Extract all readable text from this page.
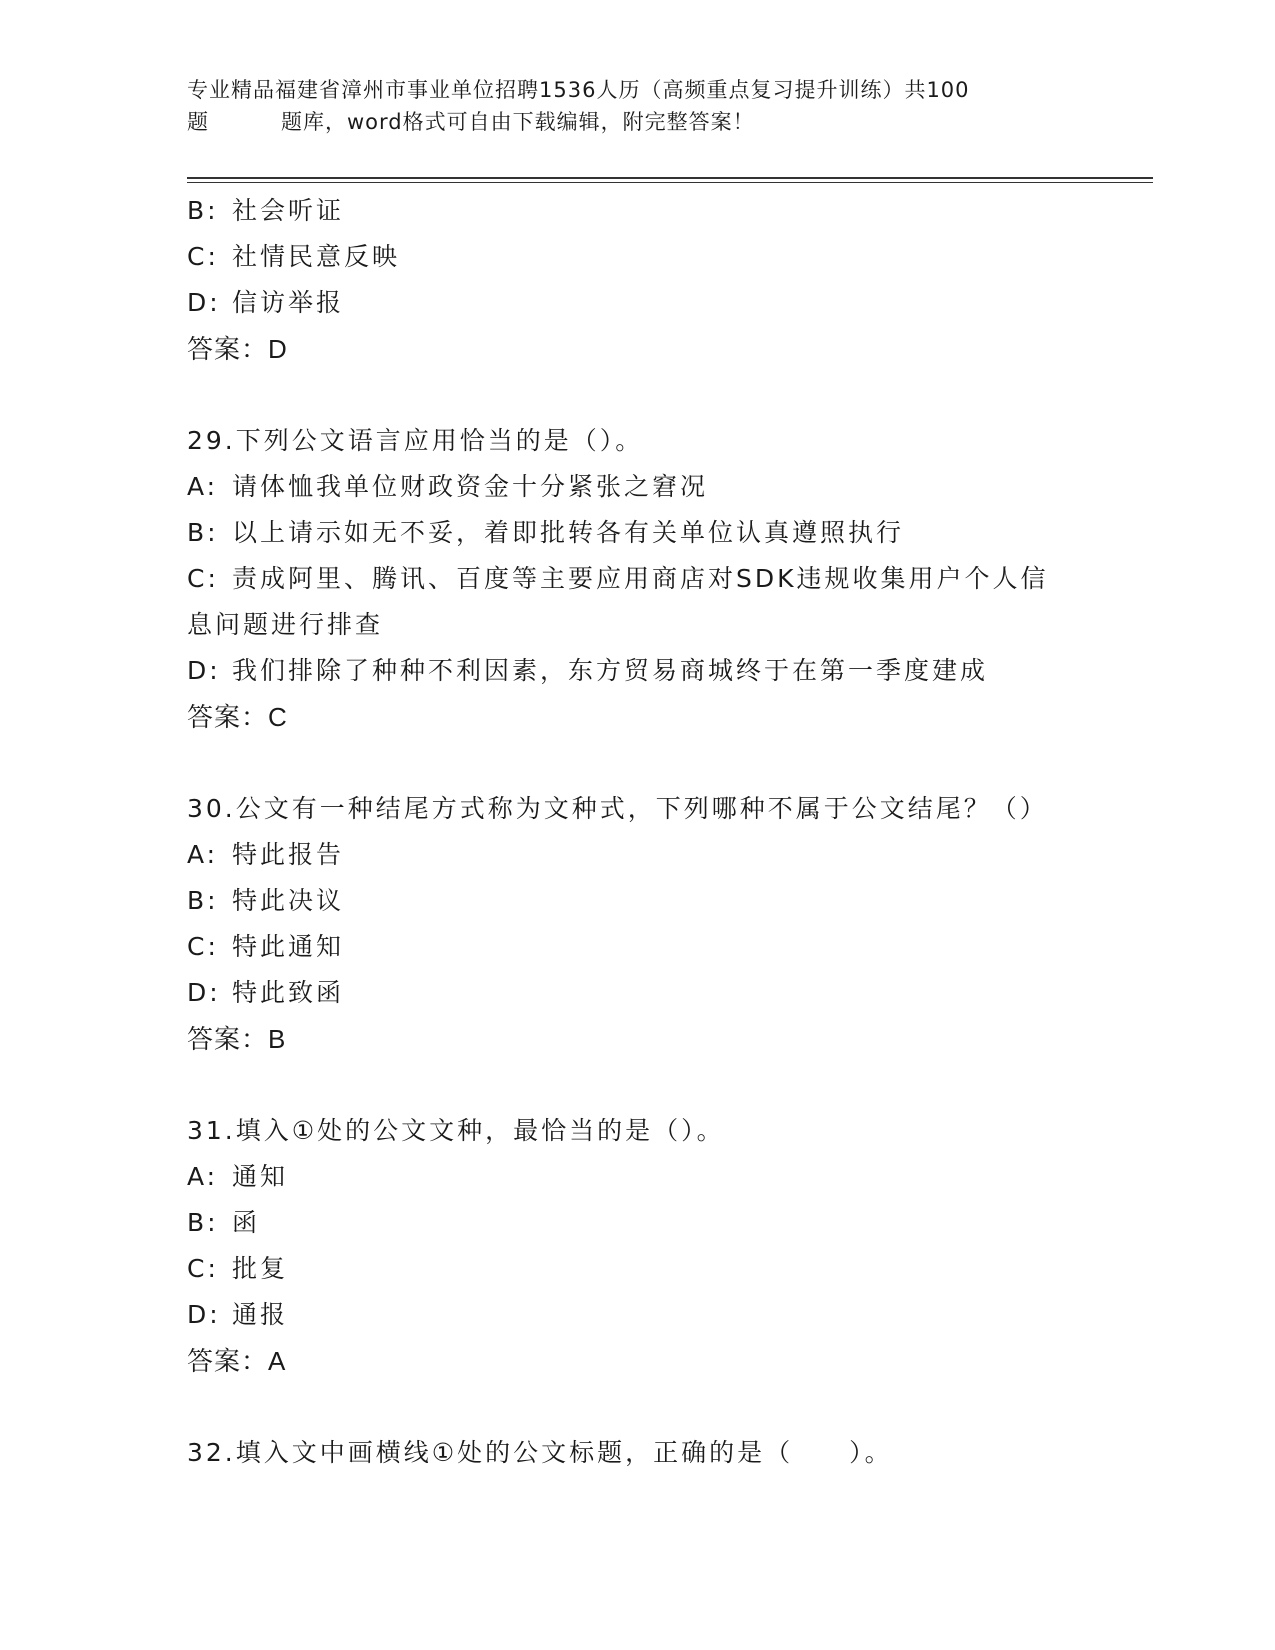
专业精品福建省漳州市事业单位招聘1536人历（高频重点复习提升训练）共100
题	题库，word格式可自由下载编辑，附完整答案！
B: 社会听证
C: 社情民意反映
D: 信访举报
答案：D
29.下列公文语言应用恰当的是（）。
A: 请体恤我单位财政资金十分紧张之窘况
B: 以上请示如无不妥，着即批转各有关单位认真遵照执行
C: 责成阿里、腾讯、百度等主要应用商店对SDK违规收集用户个人信息问题进行排查
D: 我们排除了种种不利因素，东方贸易商城终于在第一季度建成
答案：C
30.公文有一种结尾方式称为文种式，下列哪种不属于公文结尾？（）
A: 特此报告
B: 特此决议
C: 特此通知
D: 特此致函
答案：B
31.填入①处的公文文种，最恰当的是（）。
A: 通知
B: 函
C: 批复
D: 通报
答案：A
32.填入文中画横线①处的公文标题，正确的是（　　）。
